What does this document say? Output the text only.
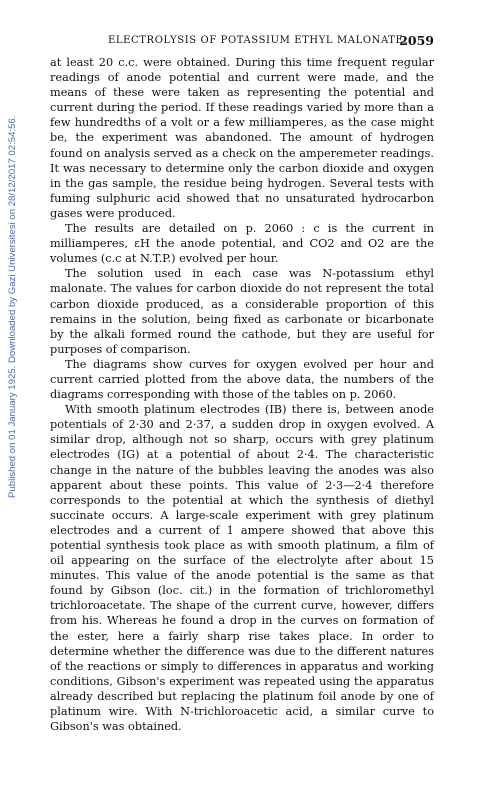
Published on 01 January 1925. Downloaded by Gazi Universitesi on 28/12/2017 02:54:56.
ELECTROLYSIS OF POTASSIUM ETHYL MALONATE.
2059

at least 20 c.c. were obtained. During this time frequent regular readings of anode potential and current were made, and the means of these were taken as representing the potential and current during the period. If these readings varied by more than a few hundredths of a volt or a few milliamperes, as the case might be, the experiment was abandoned. The amount of hydrogen found on analysis served as a check on the amperemeter readings. It was necessary to determine only the carbon dioxide and oxygen in the gas sample, the residue being hydrogen. Several tests with fuming sulphuric acid showed that no unsaturated hydrocarbon gases were produced.

The results are detailed on p. 2060 : c is the current in milliamperes, εH the anode potential, and CO2 and O2 are the volumes (c.c at N.T.P.) evolved per hour.

The solution used in each case was N-potassium ethyl malonate. The values for carbon dioxide do not represent the total carbon dioxide produced, as a considerable proportion of this remains in the solution, being fixed as carbonate or bicarbonate by the alkali formed round the cathode, but they are useful for purposes of comparison.

The diagrams show curves for oxygen evolved per hour and current carried plotted from the above data, the numbers of the diagrams corresponding with those of the tables on p. 2060.

With smooth platinum electrodes (IB) there is, between anode potentials of 2·30 and 2·37, a sudden drop in oxygen evolved. A similar drop, although not so sharp, occurs with grey platinum electrodes (IG) at a potential of about 2·4. The characteristic change in the nature of the bubbles leaving the anodes was also apparent about these points. This value of 2·3—2·4 therefore corresponds to the potential at which the synthesis of diethyl succinate occurs. A large-scale experiment with grey platinum electrodes and a current of 1 ampere showed that above this potential synthesis took place as with smooth platinum, a film of oil appearing on the surface of the electrolyte after about 15 minutes. This value of the anode potential is the same as that found by Gibson (loc. cit.) in the formation of trichloromethyl trichloroacetate. The shape of the current curve, however, differs from his. Whereas he found a drop in the curves on formation of the ester, here a fairly sharp rise takes place. In order to determine whether the difference was due to the different natures of the reactions or simply to differences in apparatus and working conditions, Gibson's experiment was repeated using the apparatus already described but replacing the platinum foil anode by one of platinum wire. With N-trichloroacetic acid, a similar curve to Gibson's was obtained.
